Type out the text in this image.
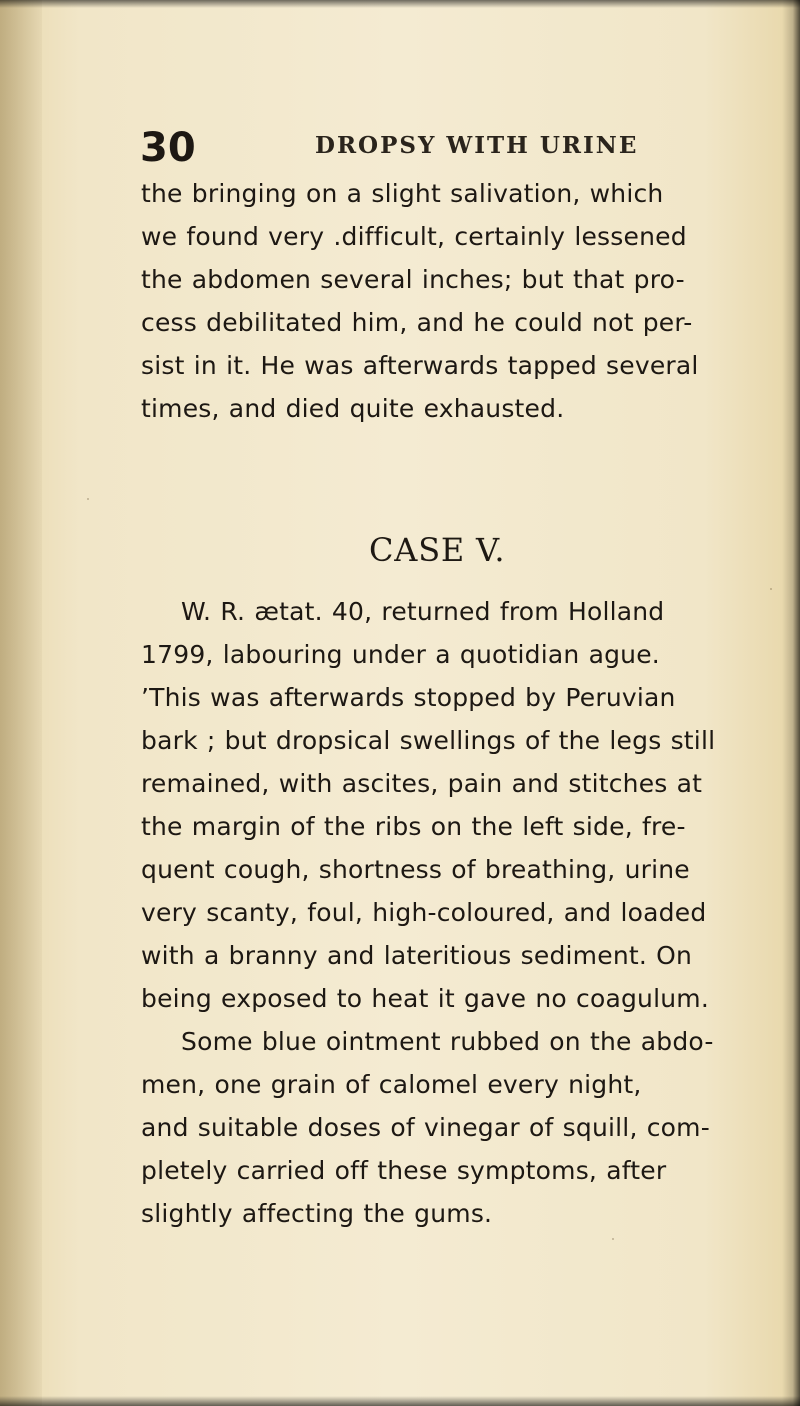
30	DROPSY WITH URINE
the bringing on a slight salivation, which
we found very .difficult, certainly lessened
the abdomen several inches; but that pro-
cess debilitated him, and he could not per-
sist in it. He was afterwards tapped several
times, and died quite exhausted.
CASE V.
W. R. ætat. 40, returned from Holland
1799, labouring under a quotidian ague.
’This was afterwards stopped by Peruvian
bark ; but dropsical swellings of the legs still
remained, with ascites, pain and stitches at
the margin of the ribs on the left side, fre-
quent cough, shortness of breathing, urine
very scanty, foul, high-coloured, and loaded
with a branny and lateritious sediment. On
being exposed to heat it gave no coagulum.
Some blue ointment rubbed on the abdo-
men, one grain of calomel every night,
and suitable doses of vinegar of squill, com-
pletely carried off these symptoms, after
slightly affecting the gums.
